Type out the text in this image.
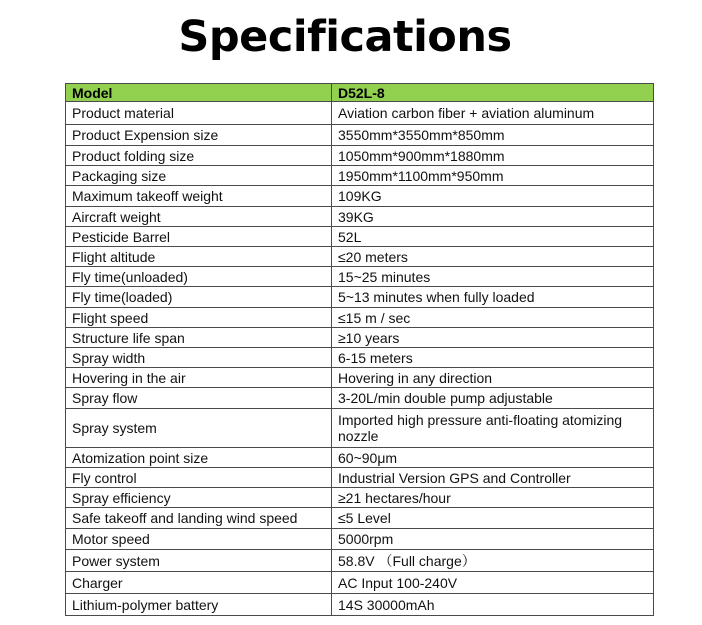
Specifications
Model	D52L-8
Product material	Aviation carbon fiber + aviation aluminum
Product Expension size	3550mm*3550mm*850mm
Product folding size	1050mm*900mm*1880mm
Packaging size	1950mm*1100mm*950mm
Maximum takeoff weight	109KG
Aircraft weight	39KG
Pesticide Barrel	52L
Flight altitude	≤20 meters
Fly time(unloaded)	15~25 minutes
Fly time(loaded)	5~13 minutes when fully loaded
Flight speed	≤15 m / sec
Structure life span	≥10 years
Spray width	6-15 meters
Hovering in the air	Hovering in any direction
Spray flow	3-20L/min double pump adjustable
Spray system	Imported high pressure anti-floating atomizing nozzle
Atomization point size	60~90μm
Fly control	Industrial Version GPS and Controller
Spray efficiency	≥21 hectares/hour
Safe takeoff and landing wind speed	≤5 Level
Motor speed	5000rpm
Power system	58.8V （Full charge）
Charger	AC Input 100-240V
Lithium-polymer battery	14S 30000mAh
